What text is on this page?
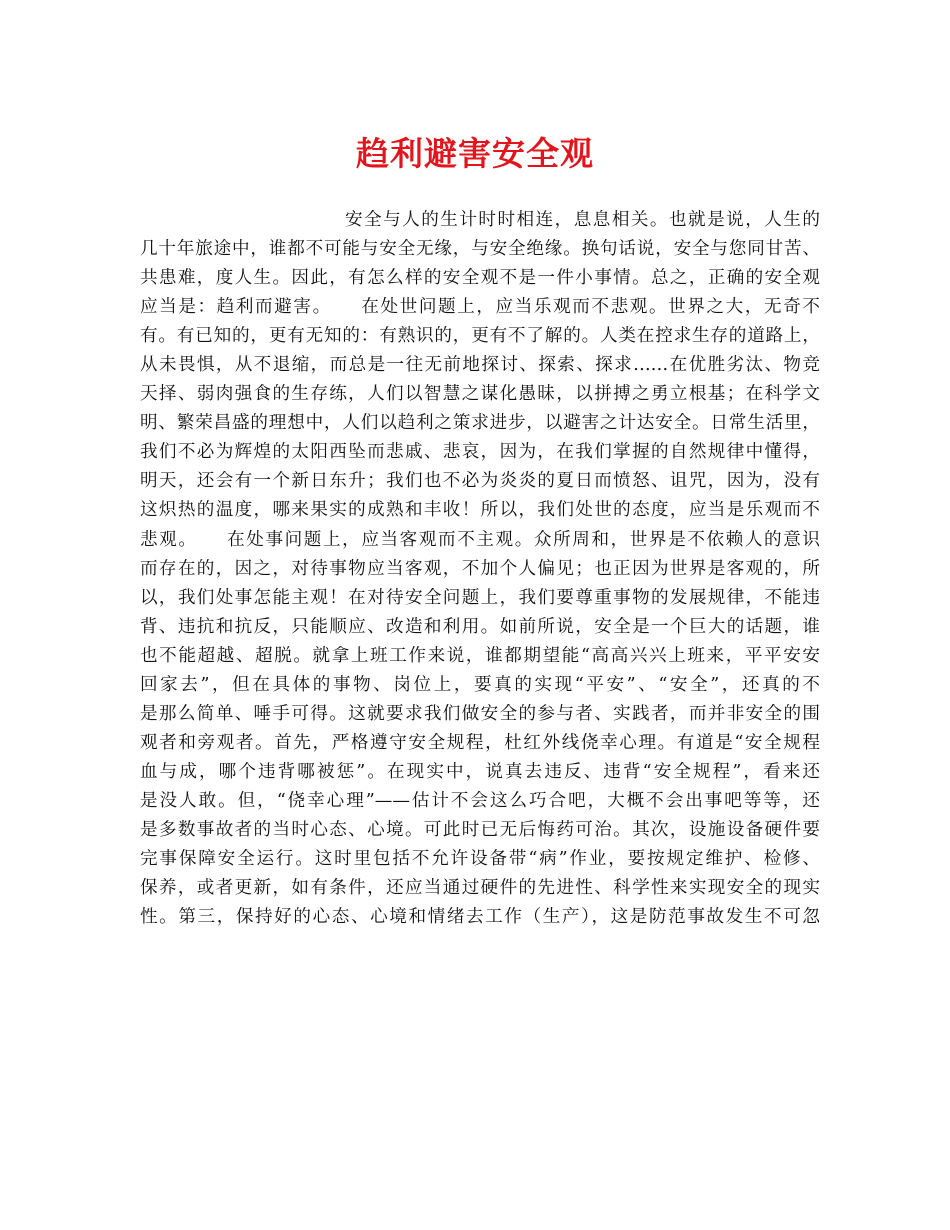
趋利避害安全观
安全与人的生计时时相连，息息相关。也就是说，人生的
几十年旅途中，谁都不可能与安全无缘，与安全绝缘。换句话说，安全与您同甘苦、
共患难，度人生。因此，有怎么样的安全观不是一件小事情。总之，正确的安全观
应当是：趋利而避害。　　在处世问题上，应当乐观而不悲观。世界之大，无奇不
有。有已知的，更有无知的：有熟识的，更有不了解的。人类在控求生存的道路上，
从未畏惧，从不退缩，而总是一往无前地探讨、探索、探求……在优胜劣汰、物竞
天择、弱肉强食的生存练，人们以智慧之谋化愚昧，以拼搏之勇立根基；在科学文
明、繁荣昌盛的理想中，人们以趋利之策求进步，以避害之计达安全。日常生活里，
我们不必为辉煌的太阳西坠而悲戚、悲哀，因为，在我们掌握的自然规律中懂得，
明天，还会有一个新日东升；我们也不必为炎炎的夏日而愤怒、诅咒，因为，没有
这炽热的温度，哪来果实的成熟和丰收！所以，我们处世的态度，应当是乐观而不
悲观。　　在处事问题上，应当客观而不主观。众所周和，世界是不依赖人的意识
而存在的，因之，对待事物应当客观，不加个人偏见；也正因为世界是客观的，所
以，我们处事怎能主观！在对待安全问题上，我们要尊重事物的发展规律，不能违
背、违抗和抗反，只能顺应、改造和利用。如前所说，安全是一个巨大的话题，谁
也不能超越、超脱。就拿上班工作来说，谁都期望能“高高兴兴上班来，平平安安
回家去”，但在具体的事物、岗位上，要真的实现“平安”、“安全”，还真的不
是那么简单、唾手可得。这就要求我们做安全的参与者、实践者，而并非安全的围
观者和旁观者。首先，严格遵守安全规程，杜红外线侥幸心理。有道是“安全规程
血与成，哪个违背哪被惩”。在现实中，说真去违反、违背“安全规程”，看来还
是没人敢。但，“侥幸心理”——估计不会这么巧合吧，大概不会出事吧等等，还
是多数事故者的当时心态、心境。可此时已无后悔药可治。其次，设施设备硬件要
完事保障安全运行。这时里包括不允许设备带“病”作业，要按规定维护、检修、
保养，或者更新，如有条件，还应当通过硬件的先进性、科学性来实现安全的现实
性。第三，保持好的心态、心境和情绪去工作（生产），这是防范事故发生不可忽
